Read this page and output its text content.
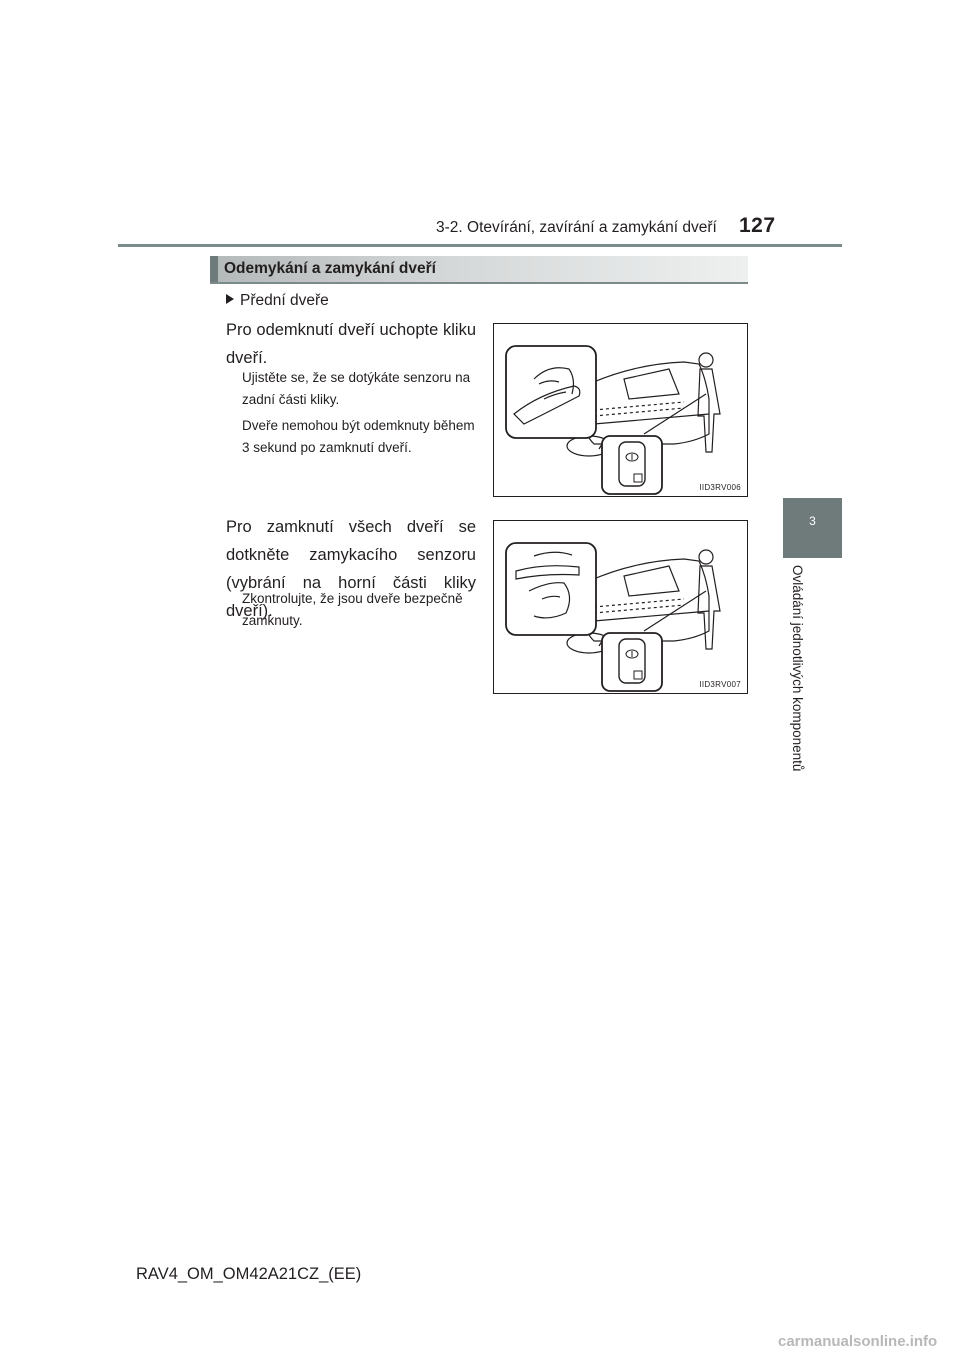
3-2. Otevírání, zavírání a zamykání dveří 127
3
Ovládání jednotlivých komponentů
Odemykání a zamykání dveří
Přední dveře
Pro odemknutí dveří uchopte kliku dveří.
Ujistěte se, že se dotýkáte senzoru na zadní části kliky.
Dveře nemohou být odemknuty během 3 sekund po zamknutí dveří.
IID3RV006
Pro zamknutí všech dveří se dotkněte zamykacího senzoru (vybrání na horní části kliky dveří).
Zkontrolujte, že jsou dveře bezpečně zamknuty.
IID3RV007
RAV4_OM_OM42A21CZ_(EE)
carmanualsonline.info
